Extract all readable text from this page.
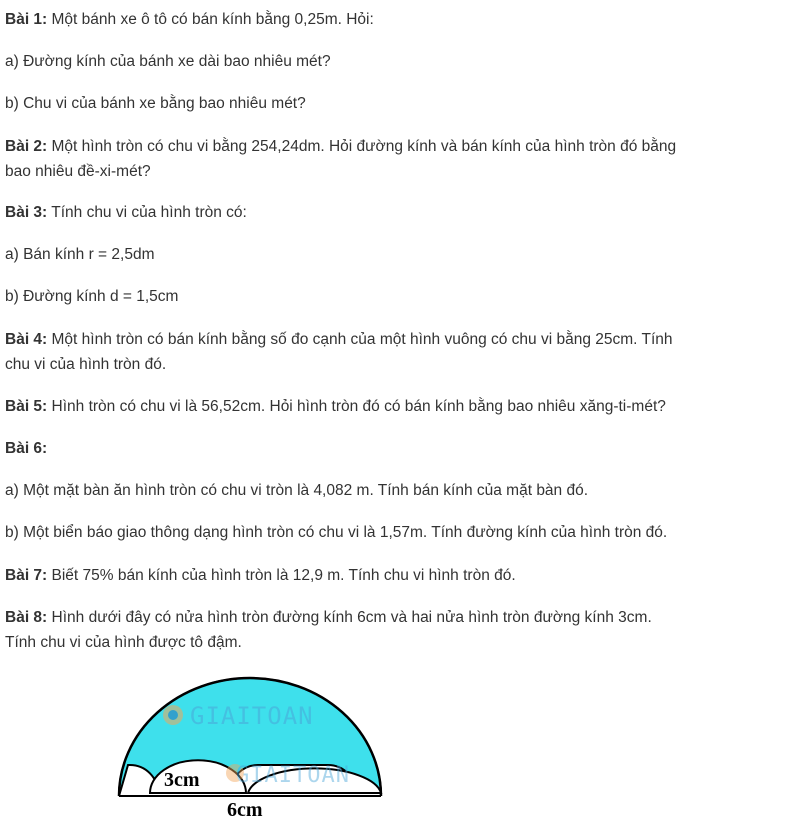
Bài 1: Một bánh xe ô tô có bán kính bằng 0,25m. Hỏi:

a) Đường kính của bánh xe dài bao nhiêu mét?

b) Chu vi của bánh xe bằng bao nhiêu mét?

Bài 2: Một hình tròn có chu vi bằng 254,24dm. Hỏi đường kính và bán kính của hình tròn đó bằng

bao nhiêu đề-xi-mét?

Bài 3: Tính chu vi của hình tròn có:

a) Bán kính r = 2,5dm

b) Đường kính d = 1,5cm

Bài 4: Một hình tròn có bán kính bằng số đo cạnh của một hình vuông có chu vi bằng 25cm. Tính

chu vi của hình tròn đó.

Bài 5: Hình tròn có chu vi là 56,52cm. Hỏi hình tròn đó có bán kính bằng bao nhiêu xăng-ti-mét?

Bài 6:

a) Một mặt bàn ăn hình tròn có chu vi tròn là 4,082 m. Tính bán kính của mặt bàn đó.

b) Một biển báo giao thông dạng hình tròn có chu vi là 1,57m. Tính đường kính của hình tròn đó.

Bài 7: Biết 75% bán kính của hình tròn là 12,9 m. Tính chu vi hình tròn đó.

Bài 8: Hình dưới đây có nửa hình tròn đường kính 6cm và hai nửa hình tròn đường kính 3cm.

Tính chu vi của hình được tô đậm.

GIAITOAN
GIAITOAN
3cm
6cm
